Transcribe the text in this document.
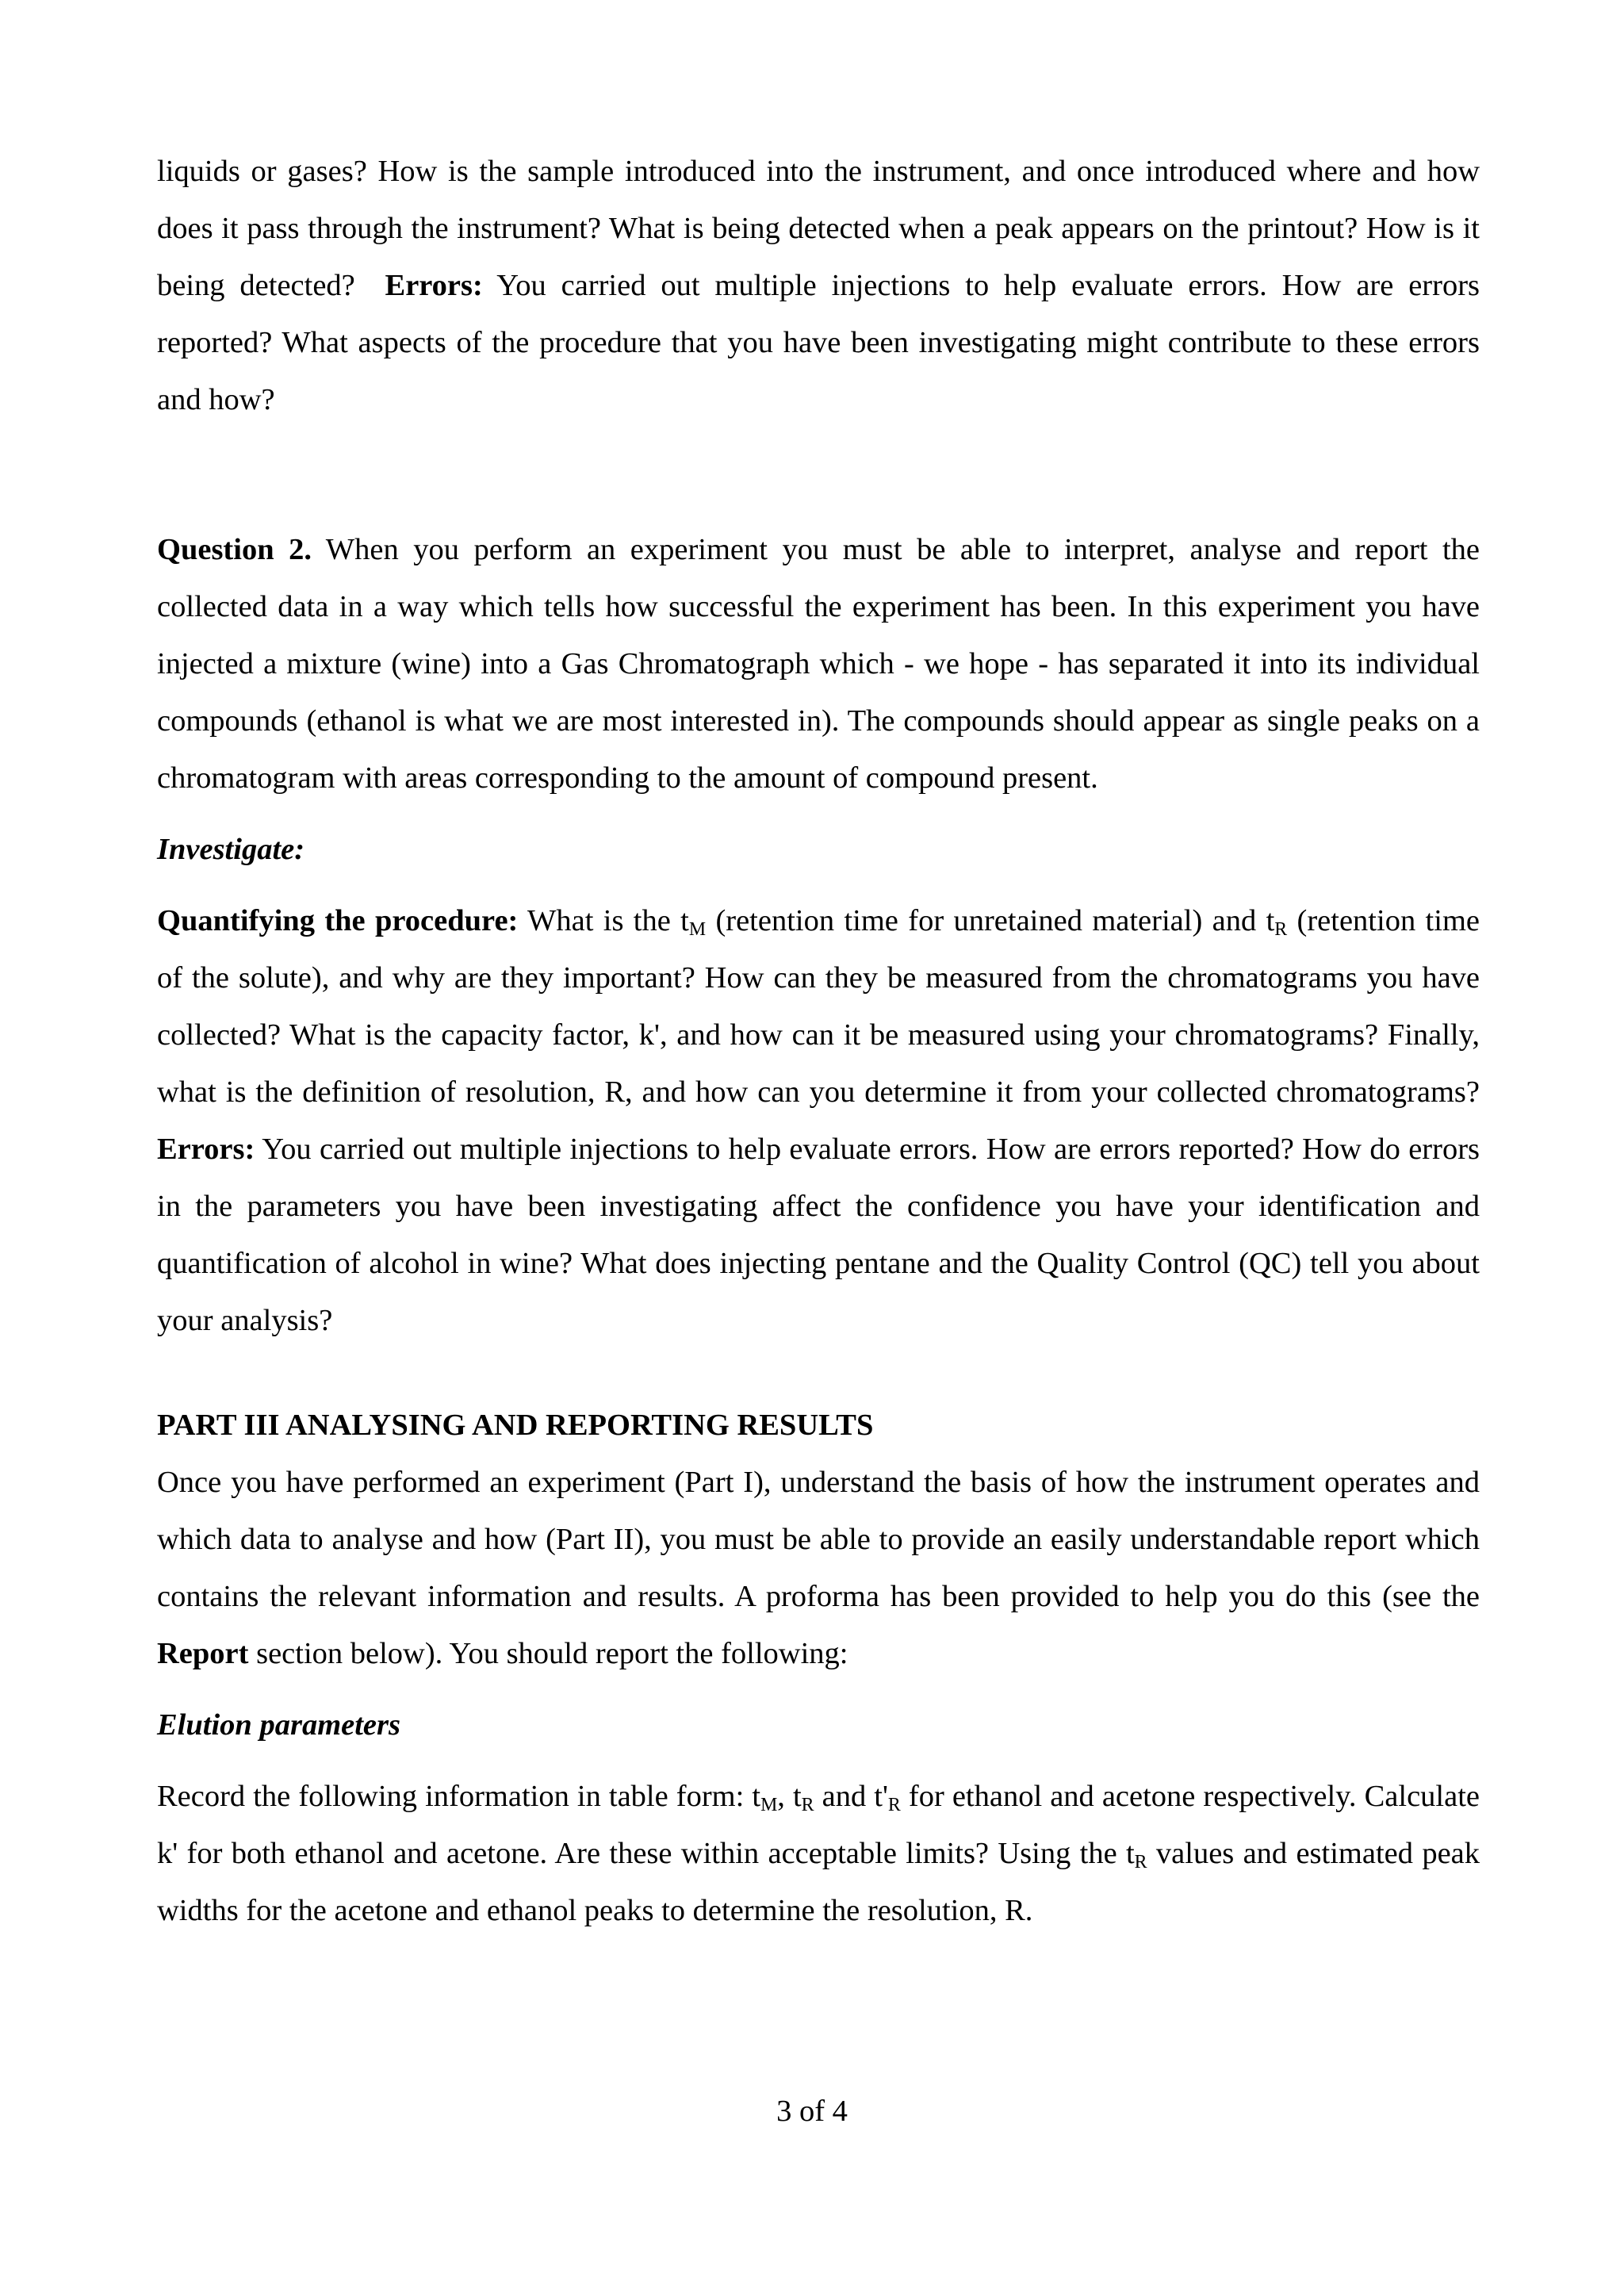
liquids or gases? How is the sample introduced into the instrument, and once introduced where and how does it pass through the instrument? What is being detected when a peak appears on the printout? How is it being detected? Errors: You carried out multiple injections to help evaluate errors. How are errors reported? What aspects of the procedure that you have been investigating might contribute to these errors and how?

Question 2. When you perform an experiment you must be able to interpret, analyse and report the collected data in a way which tells how successful the experiment has been. In this experiment you have injected a mixture (wine) into a Gas Chromatograph which - we hope - has separated it into its individual compounds (ethanol is what we are most interested in). The compounds should appear as single peaks on a chromatogram with areas corresponding to the amount of compound present.

Investigate:

Quantifying the procedure: What is the $t_M$ (retention time for unretained material) and $t_R$ (retention time of the solute), and why are they important? How can they be measured from the chromatograms you have collected? What is the capacity factor, k', and how can it be measured using your chromatograms? Finally, what is the definition of resolution, R, and how can you determine it from your collected chromatograms? Errors: You carried out multiple injections to help evaluate errors. How are errors reported? How do errors in the parameters you have been investigating affect the confidence you have your identification and quantification of alcohol in wine? What does injecting pentane and the Quality Control (QC) tell you about your analysis?

PART III ANALYSING AND REPORTING RESULTS

Once you have performed an experiment (Part I), understand the basis of how the instrument operates and which data to analyse and how (Part II), you must be able to provide an easily understandable report which contains the relevant information and results. A proforma has been provided to help you do this (see the Report section below). You should report the following:

Elution parameters

Record the following information in table form: $t_M$, $t_R$ and $t'_R$ for ethanol and acetone respectively. Calculate k' for both ethanol and acetone. Are these within acceptable limits? Using the $t_R$ values and estimated peak widths for the acetone and ethanol peaks to determine the resolution, R.

3 of 4
